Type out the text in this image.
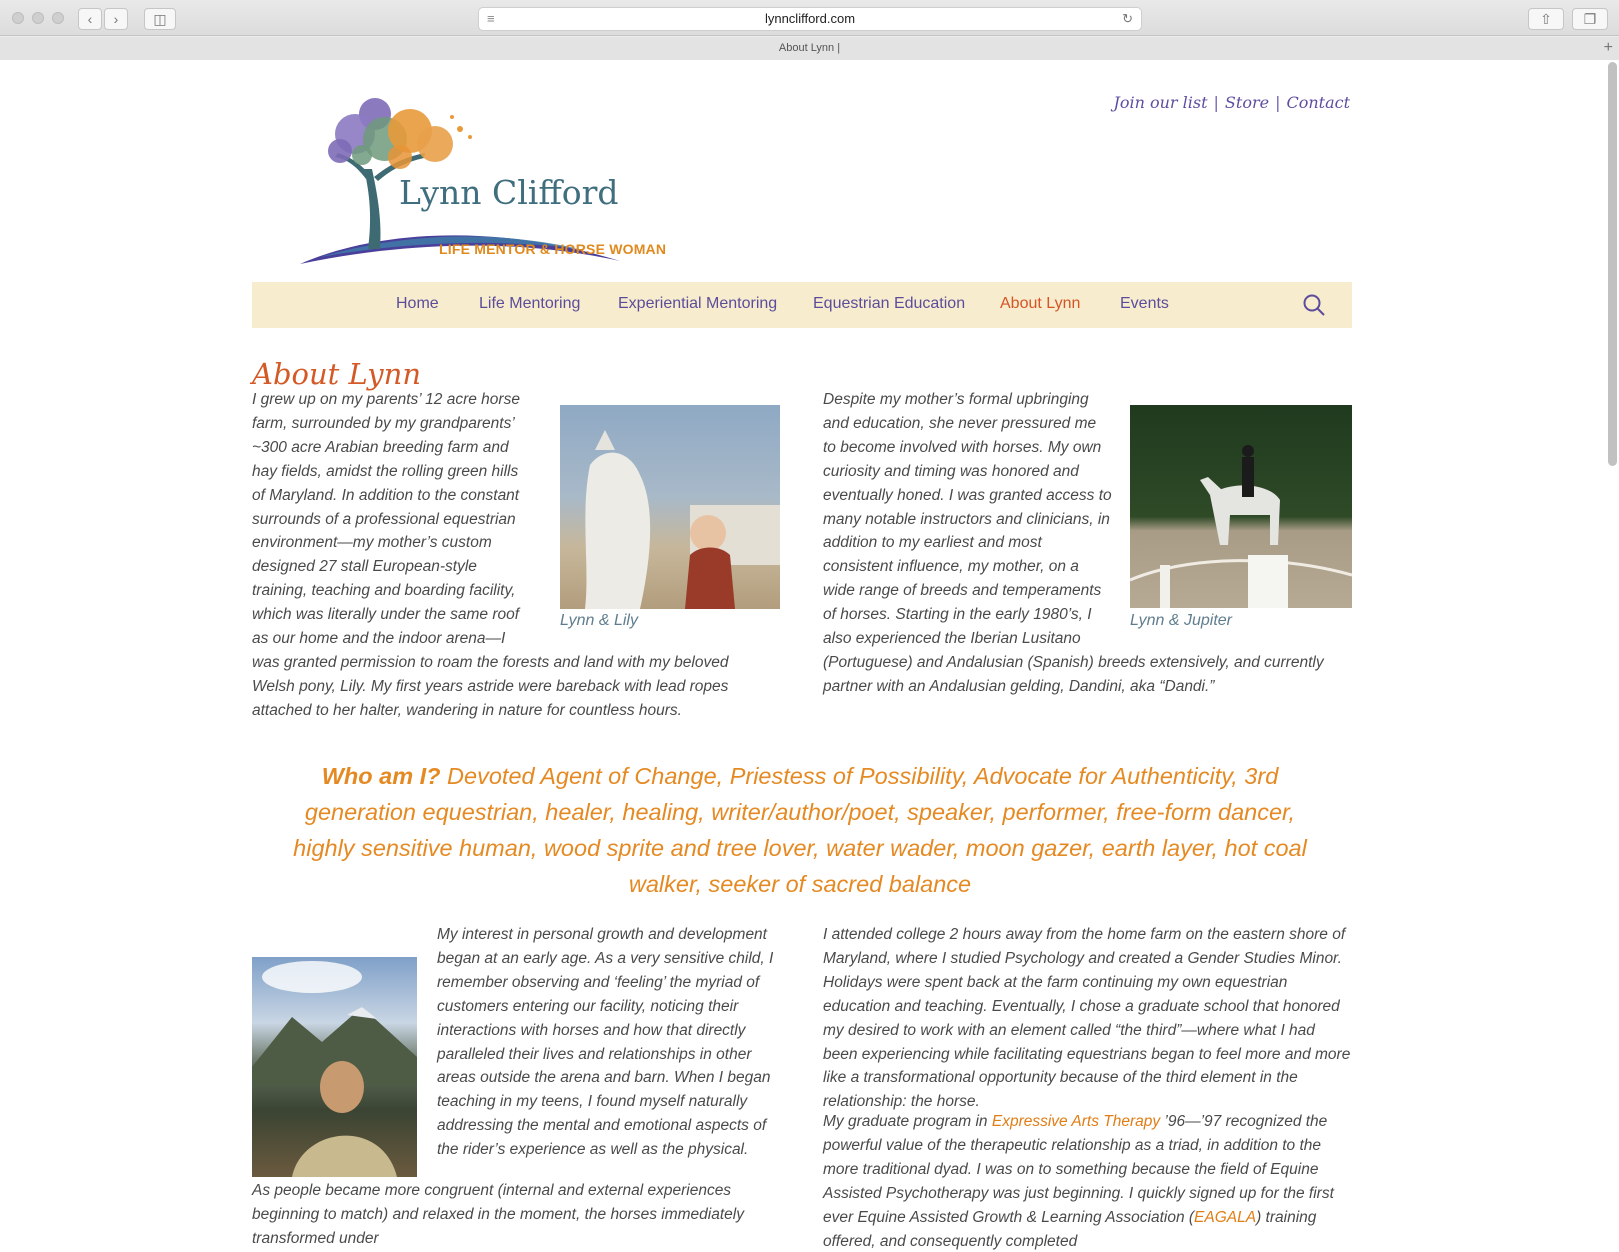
‹	›	◫	≡	lynnclifford.com	↻	⇧	❐
About Lynn |	+
Join our list | Store | Contact
Lynn Clifford
LIFE MENTOR & HORSE WOMAN
Home	Life Mentoring Experiential Mentoring Equestrian Education About Lynn Events
About Lynn
Lynn & Lily	Lynn & Jupiter
I grew up on my parents’ 12 acre horse farm, surrounded by my grandparents’ ~300 acre Arabian breeding farm and hay fields, amidst the rolling green hills of Maryland. In addition to the constant surrounds of a professional equestrian environment—my mother’s custom designed 27 stall European-style training, teaching and boarding facility, which was literally under the same roof as our home and the indoor arena—I was granted permission to roam the forests and land with my beloved Welsh pony, Lily. My first years astride were bareback with lead ropes attached to her halter, wandering in nature for countless hours.
Despite my mother’s formal upbringing and education, she never pressured me to become involved with horses. My own curiosity and timing was honored and eventually honed. I was granted access to many notable instructors and clinicians, in addition to my earliest and most consistent influence, my mother, on a wide range of breeds and temperaments of horses. Starting in the early 1980’s, I also experienced the Iberian Lusitano (Portuguese) and Andalusian (Spanish) breeds extensively, and currently partner with an Andalusian gelding, Dandini, aka “Dandi.”
Who am I? Devoted Agent of Change, Priestess of Possibility, Advocate for Authenticity, 3rd generation equestrian, healer, healing, writer/author/poet, speaker, performer, free-form dancer, highly sensitive human, wood sprite and tree lover, water wader, moon gazer, earth layer, hot coal walker, seeker of sacred balance
My interest in personal growth and development began at an early age. As a very sensitive child, I remember observing and ‘feeling’ the myriad of customers entering our facility, noticing their interactions with horses and how that directly paralleled their lives and relationships in other areas outside the arena and barn. When I began teaching in my teens, I found myself naturally addressing the mental and emotional aspects of the rider’s experience as well as the physical.
As people became more congruent (internal and external experiences beginning to match) and relaxed in the moment, the horses immediately transformed under
I attended college 2 hours away from the home farm on the eastern shore of Maryland, where I studied Psychology and created a Gender Studies Minor. Holidays were spent back at the farm continuing my own equestrian education and teaching. Eventually, I chose a graduate school that honored my desired to work with an element called “the third”—where what I had been experiencing while facilitating equestrians began to feel more and more like a transformational opportunity because of the third element in the relationship: the horse.
My graduate program in Expressive Arts Therapy ’96—’97 recognized the powerful value of the therapeutic relationship as a triad, in addition to the more traditional dyad. I was on to something because the field of Equine Assisted Psychotherapy was just beginning. I quickly signed up for the first ever Equine Assisted Growth & Learning Association (EAGALA) training offered, and consequently completed
